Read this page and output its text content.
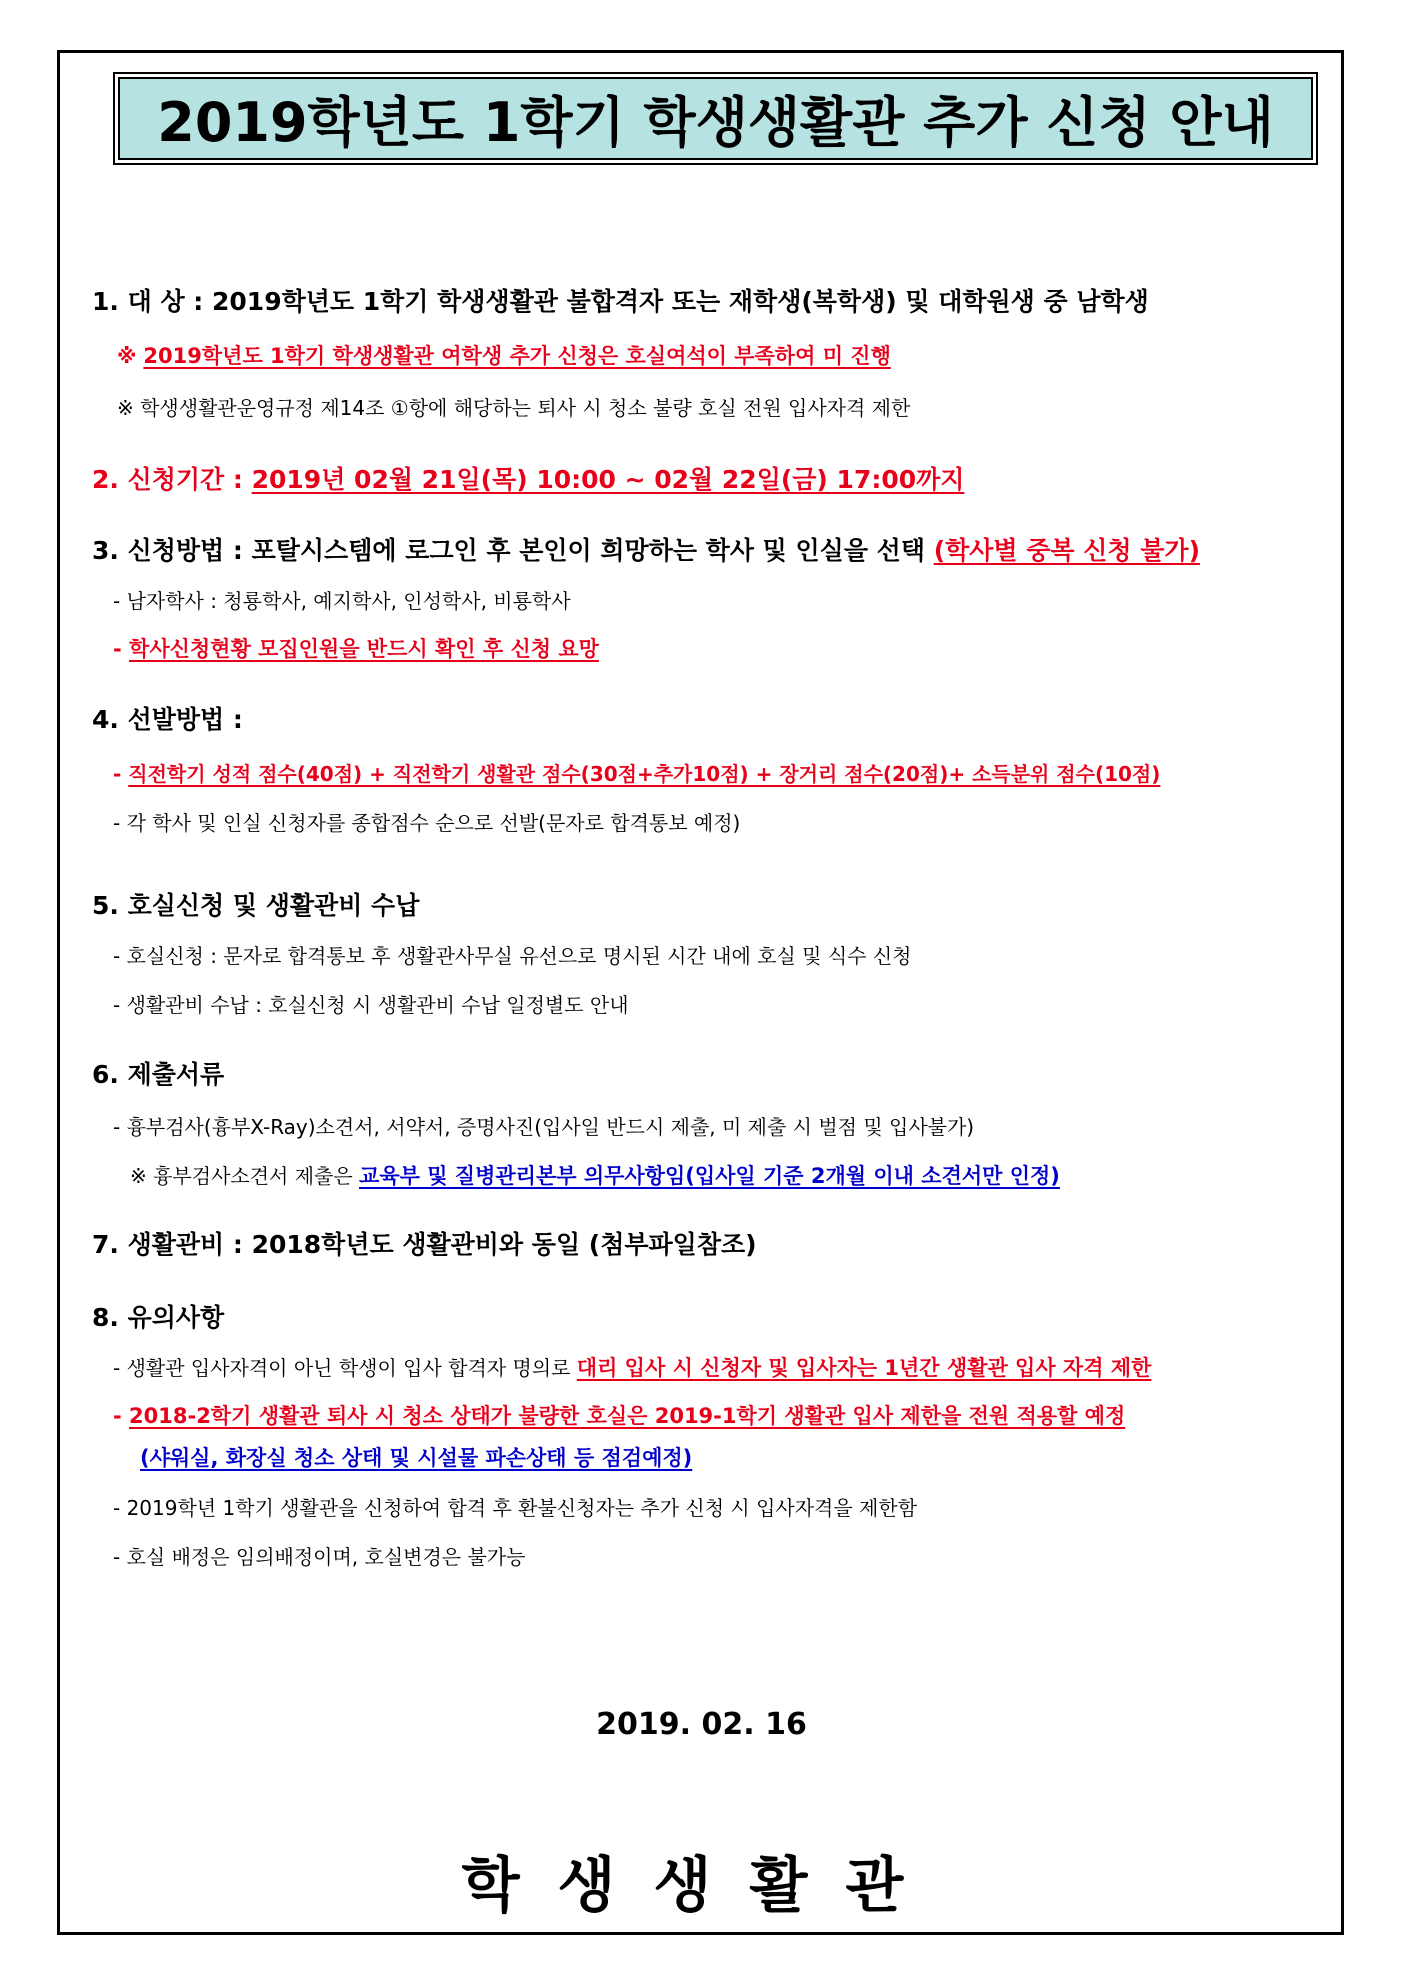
2019학년도 1학기 학생생활관 추가 신청 안내
1. 대 상 : 2019학년도 1학기 학생생활관 불합격자 또는 재학생(복학생) 및 대학원생 중 남학생
※ 2019학년도 1학기 학생생활관 여학생 추가 신청은 호실여석이 부족하여 미 진행
※ 학생생활관운영규정 제14조 ①항에 해당하는 퇴사 시 청소 불량 호실 전원 입사자격 제한
2. 신청기간 : 2019년 02월 21일(목) 10:00 ~ 02월 22일(금) 17:00까지
3. 신청방법 : 포탈시스템에 로그인 후 본인이 희망하는 학사 및 인실을 선택 (학사별 중복 신청 불가)
- 남자학사 : 청룡학사, 예지학사, 인성학사, 비룡학사
- 학사신청현황 모집인원을 반드시 확인 후 신청 요망
4. 선발방법 :
- 직전학기 성적 점수(40점) + 직전학기 생활관 점수(30점+추가10점) + 장거리 점수(20점)+ 소득분위 점수(10점)
- 각 학사 및 인실 신청자를 종합점수 순으로 선발(문자로 합격통보 예정)
5. 호실신청 및 생활관비 수납
- 호실신청 : 문자로 합격통보 후 생활관사무실 유선으로 명시된 시간 내에 호실 및 식수 신청
- 생활관비 수납 : 호실신청 시 생활관비 수납 일정별도 안내
6. 제출서류
- 흉부검사(흉부X-Ray)소견서, 서약서, 증명사진(입사일 반드시 제출, 미 제출 시 벌점 및 입사불가)
※ 흉부검사소견서 제출은 교육부 및 질병관리본부 의무사항임(입사일 기준 2개월 이내 소견서만 인정)
7. 생활관비 : 2018학년도 생활관비와 동일 (첨부파일참조)
8. 유의사항
- 생활관 입사자격이 아닌 학생이 입사 합격자 명의로 대리 입사 시 신청자 및 입사자는 1년간 생활관 입사 자격 제한
- 2018-2학기 생활관 퇴사 시 청소 상태가 불량한 호실은 2019-1학기 생활관 입사 제한을 전원 적용할 예정
(샤워실, 화장실 청소 상태 및 시설물 파손상태 등 점검예정)
- 2019학년 1학기 생활관을 신청하여 합격 후 환불신청자는 추가 신청 시 입사자격을 제한함
- 호실 배정은 임의배정이며, 호실변경은 불가능
2019. 02. 16
학생생활관
